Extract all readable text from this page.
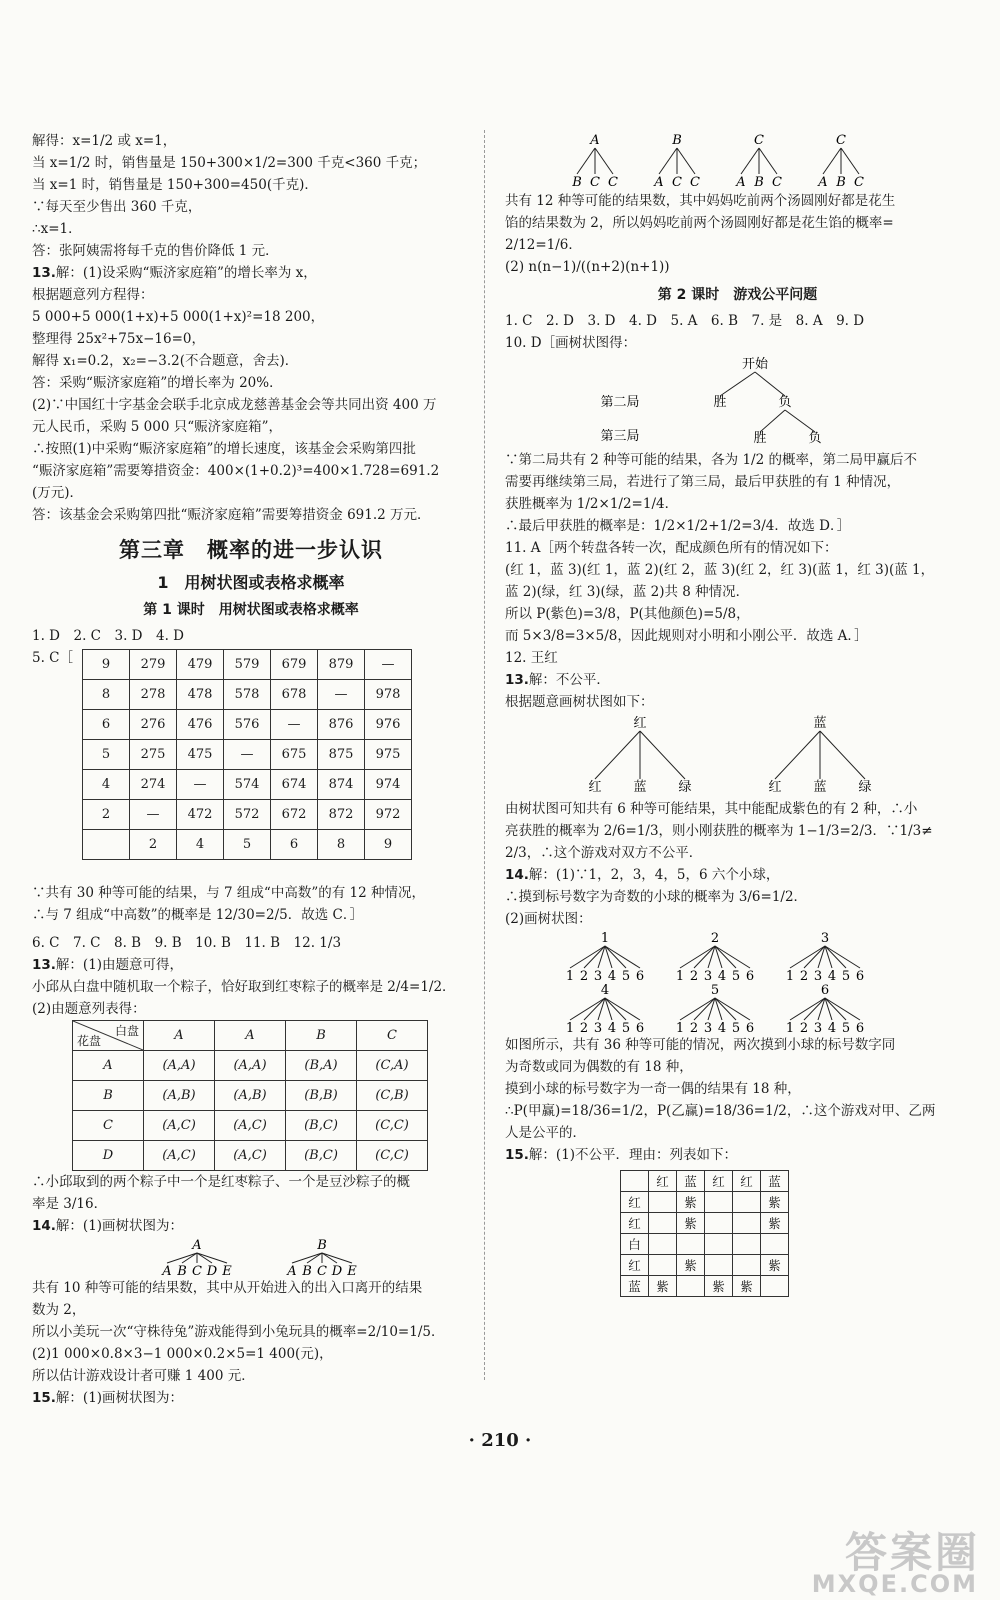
解得：x=1/2 或 x=1，
当 x=1/2 时，销售量是 150+300×1/2=300 千克<360 千克；
当 x=1 时，销售量是 150+300=450(千克)．
∵每天至少售出 360 千克，
∴x=1．
答：张阿姨需将每千克的售价降低 1 元．
13.解：(1)设采购“赈济家庭箱”的增长率为 x，
根据题意列方程得：
5 000+5 000(1+x)+5 000(1+x)²=18 200，
整理得 25x²+75x−16=0，
解得 x₁=0.2，x₂=−3.2(不合题意，舍去)．
答：采购“赈济家庭箱”的增长率为 20%．
(2)∵中国红十字基金会联手北京成龙慈善基金会等共同出资 400 万
元人民币，采购 5 000 只“赈济家庭箱”，
∴按照(1)中采购“赈济家庭箱”的增长速度，该基金会采购第四批
“赈济家庭箱”需要筹措资金：400×(1+0.2)³=400×1.728=691.2
(万元)．
答：该基金会采购第四批“赈济家庭箱”需要筹措资金 691.2 万元．
第三章　概率的进一步认识
1　用树状图或表格求概率
第 1 课时　用树状图或表格求概率
1. D　2. C　3. D　4. D
5. C［ 9	279	479	579	679	879	—
8	278	478	578	678	—	978
6	276	476	576	—	876	976
5	275	475	—	675	875	975
4	274	—	574	674	874	974
2	—	472	572	672	872	972
	2	4	5	6	8	9
∵共有 30 种等可能的结果，与 7 组成“中高数”的有 12 种情况，
∴与 7 组成“中高数”的概率是 12/30=2/5．故选 C．］
6. C　7. C　8. B　9. B　10. B　11. B　12. 1/3
13.解：(1)由题意可得，
小邱从白盘中随机取一个粽子，恰好取到红枣粽子的概率是 2/4=1/2．
(2)由题意列表得：
白盘
花盘	A	A	B	C
A	(A,A)	(A,A)	(B,A)	(C,A)
B	(A,B)	(A,B)	(B,B)	(C,B)
C	(A,C)	(A,C)	(B,C)	(C,C)
D	(A,C)	(A,C)	(B,C)	(C,C)
∴小邱取到的两个粽子中一个是红枣粽子、一个是豆沙粽子的概
率是 3/16．
14.解：(1)画树状图为：
A
A B C D E
B
A B C D E
共有 10 种等可能的结果数，其中从开始进入的出入口离开的结果
数为 2，
所以小美玩一次“守株待兔”游戏能得到小兔玩具的概率=2/10=1/5．
(2)1 000×0.8×3−1 000×0.2×5=1 400(元)，
所以估计游戏设计者可赚 1 400 元．
15.解：(1)画树状图为：
A
B C C
B
A C C
C
A B C
C
A B C
共有 12 种等可能的结果数，其中妈妈吃前两个汤圆刚好都是花生
馅的结果数为 2，所以妈妈吃前两个汤圆刚好都是花生馅的概率=
2/12=1/6．
(2) n(n−1)/((n+2)(n+1))
第 2 课时　游戏公平问题
1. C　2. D　3. D　4. D　5. A　6. B　7. 是　8. A　9. D
10. D［画树状图得：
开始
第二局
第三局
胜	负
胜	负
∵第二局共有 2 种等可能的结果，各为 1/2 的概率，第二局甲赢后不
需要再继续第三局，若进行了第三局，最后甲获胜的有 1 种情况，
获胜概率为 1/2×1/2=1/4．
∴最后甲获胜的概率是：1/2×1/2+1/2=3/4．故选 D．］
11. A［两个转盘各转一次，配成颜色所有的情况如下：
(红 1，蓝 3)(红 1，蓝 2)(红 2，蓝 3)(红 2，红 3)(蓝 1，红 3)(蓝 1，
蓝 2)(绿，红 3)(绿，蓝 2)共 8 种情况．
所以 P(紫色)=3/8，P(其他颜色)=5/8，
而 5×3/8=3×5/8，因此规则对小明和小刚公平．故选 A．］
12. 王红
13.解：不公平．
根据题意画树状图如下：
红
红 蓝 绿
蓝
红 蓝 绿
由树状图可知共有 6 种等可能结果，其中能配成紫色的有 2 种，∴小
亮获胜的概率为 2/6=1/3，则小刚获胜的概率为 1−1/3=2/3．∵1/3≠
2/3，∴这个游戏对双方不公平．
14.解：(1)∵1，2，3，4，5，6 六个小球，
∴摸到标号数字为奇数的小球的概率为 3/6=1/2．
(2)画树状图：
1
1 2 3 4 5 6
2
1 2 3 4 5 6
3
1 2 3 4 5 6
4
1 2 3 4 5 6
5
1 2 3 4 5 6
6
1 2 3 4 5 6
如图所示，共有 36 种等可能的情况，两次摸到小球的标号数字同
为奇数或同为偶数的有 18 种，
摸到小球的标号数字为一奇一偶的结果有 18 种，
∴P(甲赢)=18/36=1/2，P(乙赢)=18/36=1/2，∴这个游戏对甲、乙两
人是公平的．
15.解：(1)不公平．理由：列表如下：
	红	蓝	红	红	蓝
红		紫			紫
红		紫			紫
白					
红		紫			紫
蓝	紫		紫	紫	
· 210 ·
答案圈
MXQE.COM
